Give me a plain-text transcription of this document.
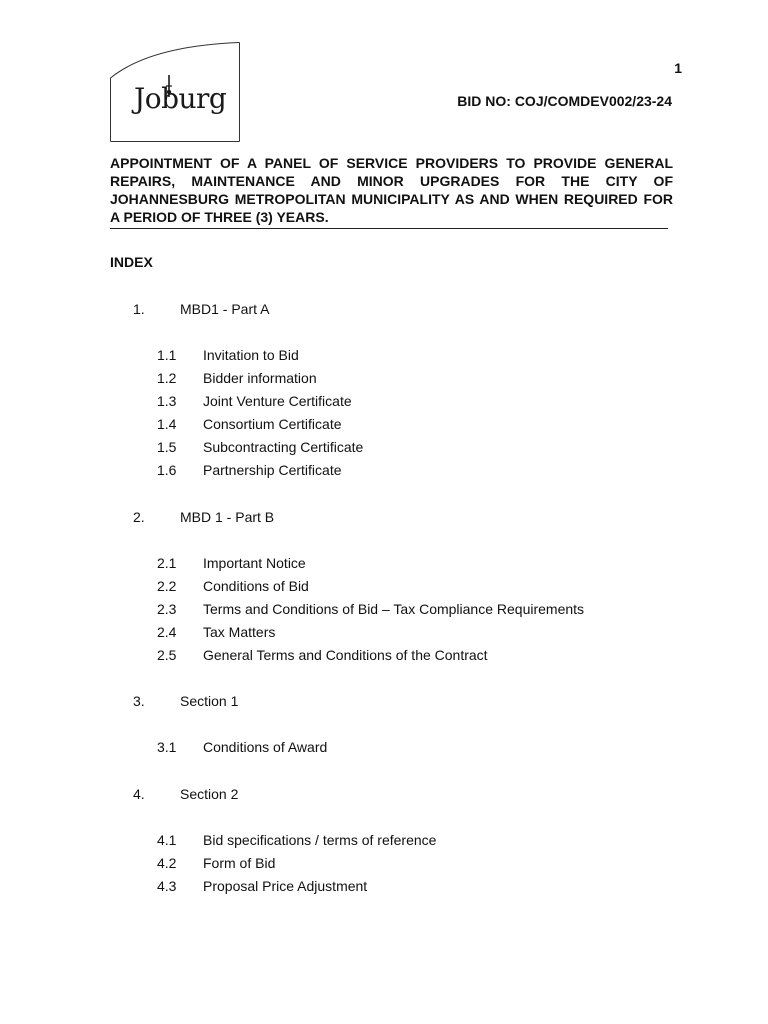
1
Joburg	BID NO: COJ/COMDEV002/23-24

APPOINTMENT OF A PANEL OF SERVICE PROVIDERS TO PROVIDE GENERAL REPAIRS, MAINTENANCE AND MINOR UPGRADES FOR THE CITY OF JOHANNESBURG METROPOLITAN MUNICIPALITY AS AND WHEN REQUIRED FOR A PERIOD OF THREE (3) YEARS.

INDEX
1.	MBD1 - Part A
1.1 Invitation to Bid
1.2 Bidder information
1.3 Joint Venture Certificate
1.4 Consortium Certificate
1.5 Subcontracting Certificate
1.6 Partnership Certificate
2.	MBD 1 - Part B
2.1 Important Notice
2.2 Conditions of Bid
2.3 Terms and Conditions of Bid – Tax Compliance Requirements
2.4 Tax Matters
2.5 General Terms and Conditions of the Contract
3.	Section 1
3.1 Conditions of Award
4.	Section 2
4.1 Bid specifications / terms of reference
4.2 Form of Bid
4.3 Proposal Price Adjustment
